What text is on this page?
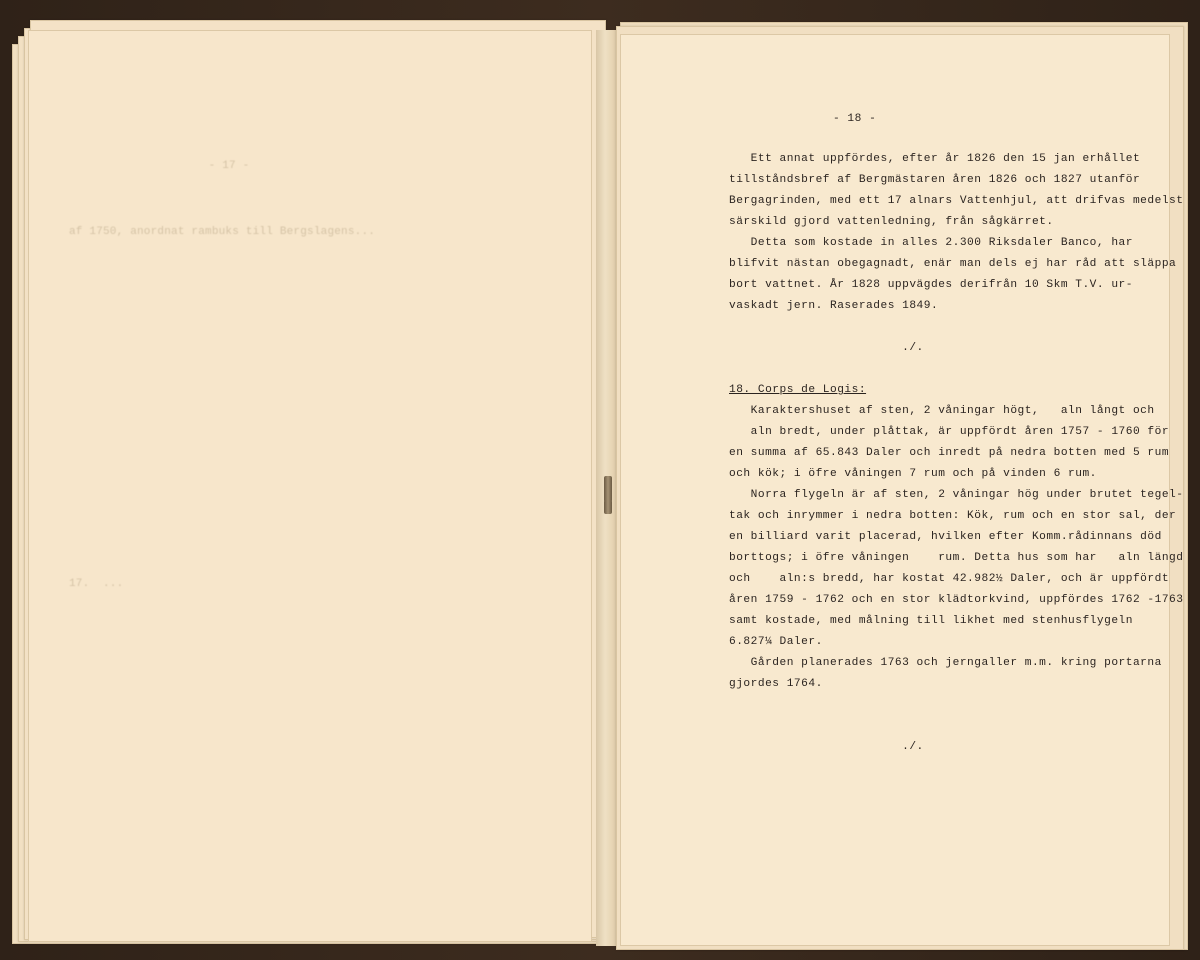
- 17 -

af 1750, anordnat rambuks till Bergslagens...
17.  ...

- 18 -
Ett annat uppfördes, efter år 1826 den 15 jan erhållet
tillståndsbref af Bergmästaren åren 1826 och 1827 utanför
Bergagrinden, med ett 17 alnars Vattenhjul, att drifvas medelst
särskild gjord vattenledning, från sågkärret.
Detta som kostade in alles 2.300 Riksdaler Banco, har
blifvit nästan obegagnadt, enär man dels ej har råd att släppa
bort vattnet. År 1828 uppvägdes derifrån 10 Skm T.V. ur-
vaskadt jern. Raserades 1849.
./.
18. Corps de Logis:
Karaktershuset af sten, 2 våningar högt,   aln långt och
aln bredt, under plåttak, är uppfördt åren 1757 - 1760 för
en summa af 65.843 Daler och inredt på nedra botten med 5 rum
och kök; i öfre våningen 7 rum och på vinden 6 rum.
Norra flygeln är af sten, 2 våningar hög under brutet tegel-
tak och inrymmer i nedra botten: Kök, rum och en stor sal, der
en billiard varit placerad, hvilken efter Komm.rådinnans död
borttogs; i öfre våningen    rum. Detta hus som har   aln längd
och    aln:s bredd, har kostat 42.982½ Daler, och är uppfördt
åren 1759 - 1762 och en stor klädtorkvind, uppfördes 1762 -1763
samt kostade, med målning till likhet med stenhusflygeln
6.827¼ Daler.
Gården planerades 1763 och jerngaller m.m. kring portarna
gjordes 1764.
./.
